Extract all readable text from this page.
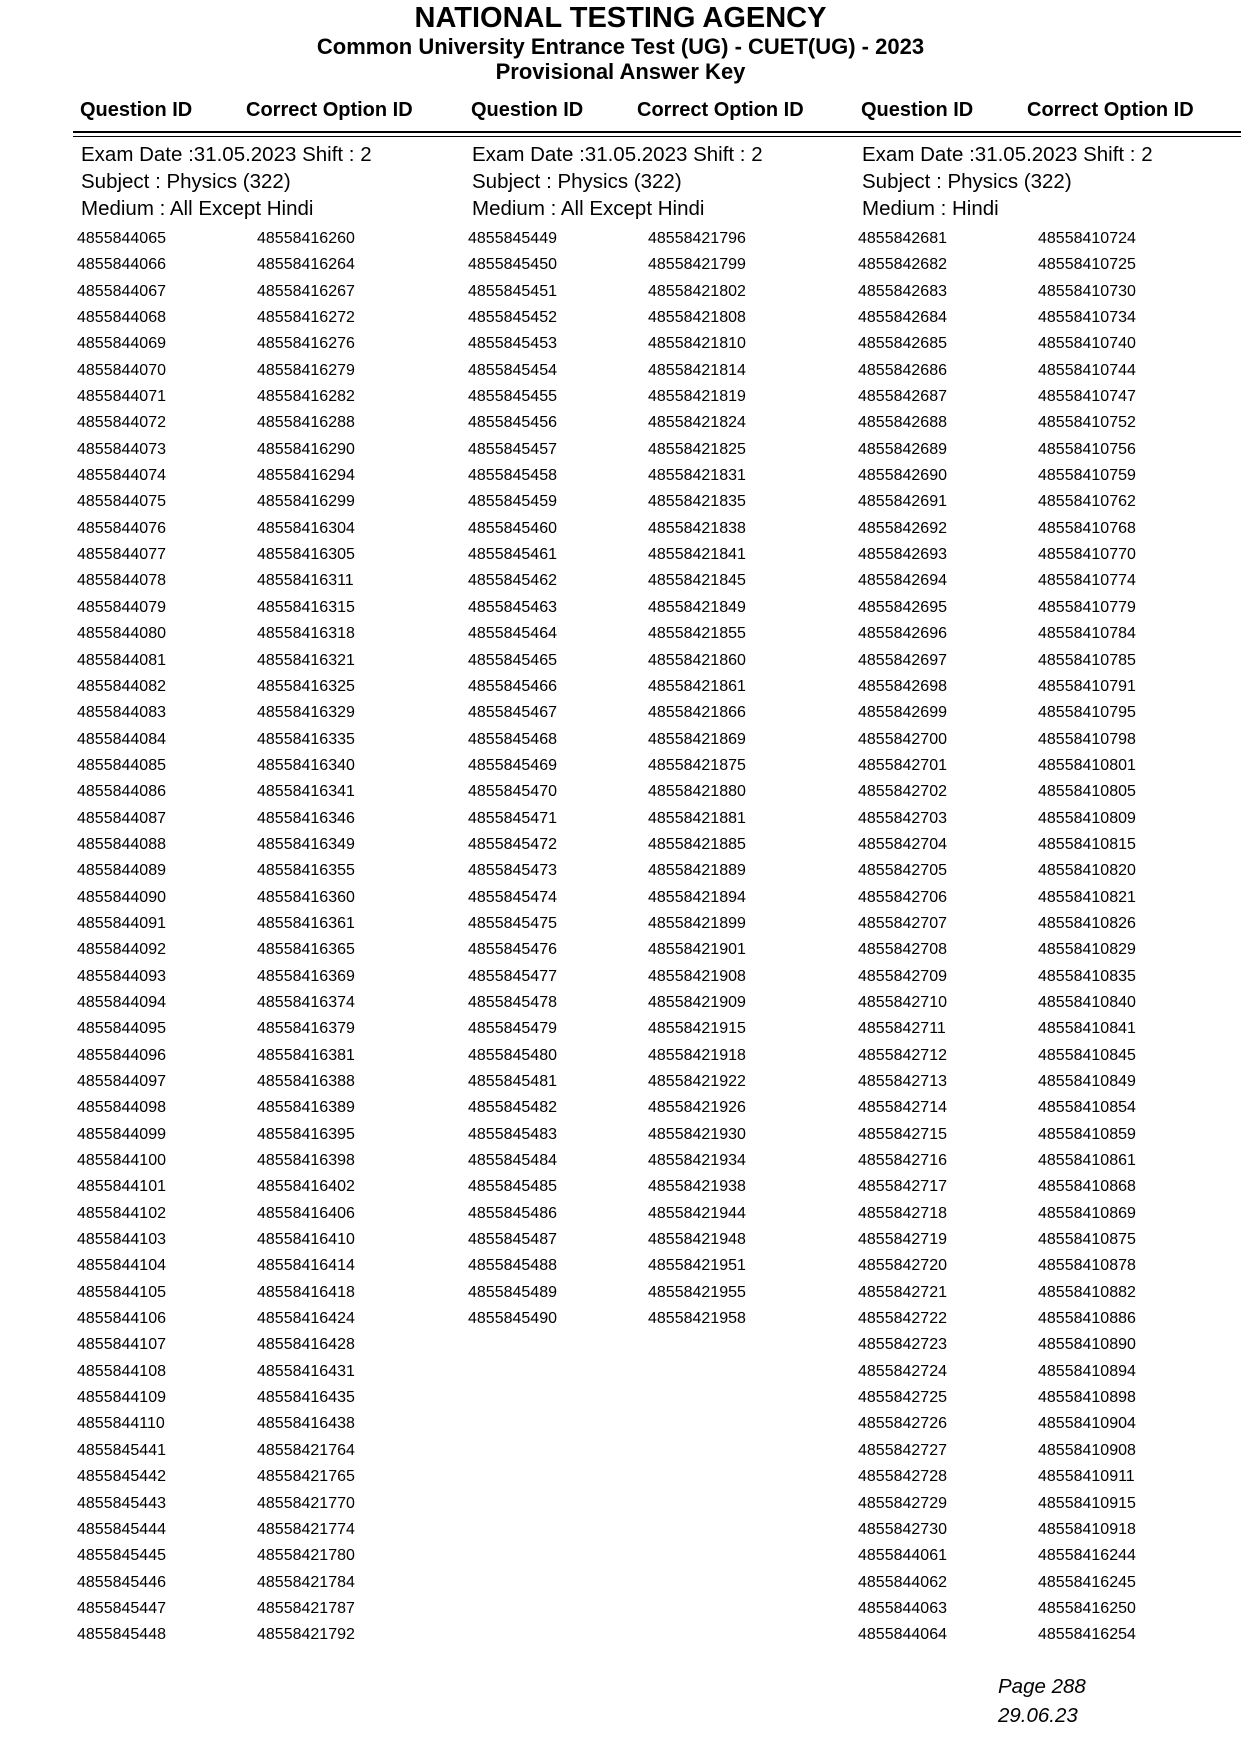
NATIONAL TESTING AGENCY
Common University Entrance Test (UG) - CUET(UG) - 2023
Provisional Answer Key
Question ID	Correct Option ID	Question ID	Correct Option ID	Question ID	Correct Option ID
Exam Date :31.05.2023 Shift : 2
Subject : Physics (322)
Medium : All Except Hindi
4855844065	48558416260
4855844066	48558416264
4855844067	48558416267
4855844068	48558416272
4855844069	48558416276
4855844070	48558416279
4855844071	48558416282
4855844072	48558416288
4855844073	48558416290
4855844074	48558416294
4855844075	48558416299
4855844076	48558416304
4855844077	48558416305
4855844078	48558416311
4855844079	48558416315
4855844080	48558416318
4855844081	48558416321
4855844082	48558416325
4855844083	48558416329
4855844084	48558416335
4855844085	48558416340
4855844086	48558416341
4855844087	48558416346
4855844088	48558416349
4855844089	48558416355
4855844090	48558416360
4855844091	48558416361
4855844092	48558416365
4855844093	48558416369
4855844094	48558416374
4855844095	48558416379
4855844096	48558416381
4855844097	48558416388
4855844098	48558416389
4855844099	48558416395
4855844100	48558416398
4855844101	48558416402
4855844102	48558416406
4855844103	48558416410
4855844104	48558416414
4855844105	48558416418
4855844106	48558416424
4855844107	48558416428
4855844108	48558416431
4855844109	48558416435
4855844110	48558416438
4855845441	48558421764
4855845442	48558421765
4855845443	48558421770
4855845444	48558421774
4855845445	48558421780
4855845446	48558421784
4855845447	48558421787
4855845448	48558421792
Exam Date :31.05.2023 Shift : 2
Subject : Physics (322)
Medium : All Except Hindi
4855845449	48558421796
4855845450	48558421799
4855845451	48558421802
4855845452	48558421808
4855845453	48558421810
4855845454	48558421814
4855845455	48558421819
4855845456	48558421824
4855845457	48558421825
4855845458	48558421831
4855845459	48558421835
4855845460	48558421838
4855845461	48558421841
4855845462	48558421845
4855845463	48558421849
4855845464	48558421855
4855845465	48558421860
4855845466	48558421861
4855845467	48558421866
4855845468	48558421869
4855845469	48558421875
4855845470	48558421880
4855845471	48558421881
4855845472	48558421885
4855845473	48558421889
4855845474	48558421894
4855845475	48558421899
4855845476	48558421901
4855845477	48558421908
4855845478	48558421909
4855845479	48558421915
4855845480	48558421918
4855845481	48558421922
4855845482	48558421926
4855845483	48558421930
4855845484	48558421934
4855845485	48558421938
4855845486	48558421944
4855845487	48558421948
4855845488	48558421951
4855845489	48558421955
4855845490	48558421958
Exam Date :31.05.2023 Shift : 2
Subject : Physics (322)
Medium : Hindi
4855842681	48558410724
4855842682	48558410725
4855842683	48558410730
4855842684	48558410734
4855842685	48558410740
4855842686	48558410744
4855842687	48558410747
4855842688	48558410752
4855842689	48558410756
4855842690	48558410759
4855842691	48558410762
4855842692	48558410768
4855842693	48558410770
4855842694	48558410774
4855842695	48558410779
4855842696	48558410784
4855842697	48558410785
4855842698	48558410791
4855842699	48558410795
4855842700	48558410798
4855842701	48558410801
4855842702	48558410805
4855842703	48558410809
4855842704	48558410815
4855842705	48558410820
4855842706	48558410821
4855842707	48558410826
4855842708	48558410829
4855842709	48558410835
4855842710	48558410840
4855842711	48558410841
4855842712	48558410845
4855842713	48558410849
4855842714	48558410854
4855842715	48558410859
4855842716	48558410861
4855842717	48558410868
4855842718	48558410869
4855842719	48558410875
4855842720	48558410878
4855842721	48558410882
4855842722	48558410886
4855842723	48558410890
4855842724	48558410894
4855842725	48558410898
4855842726	48558410904
4855842727	48558410908
4855842728	48558410911
4855842729	48558410915
4855842730	48558410918
4855844061	48558416244
4855844062	48558416245
4855844063	48558416250
4855844064	48558416254
Page 288
29.06.23
